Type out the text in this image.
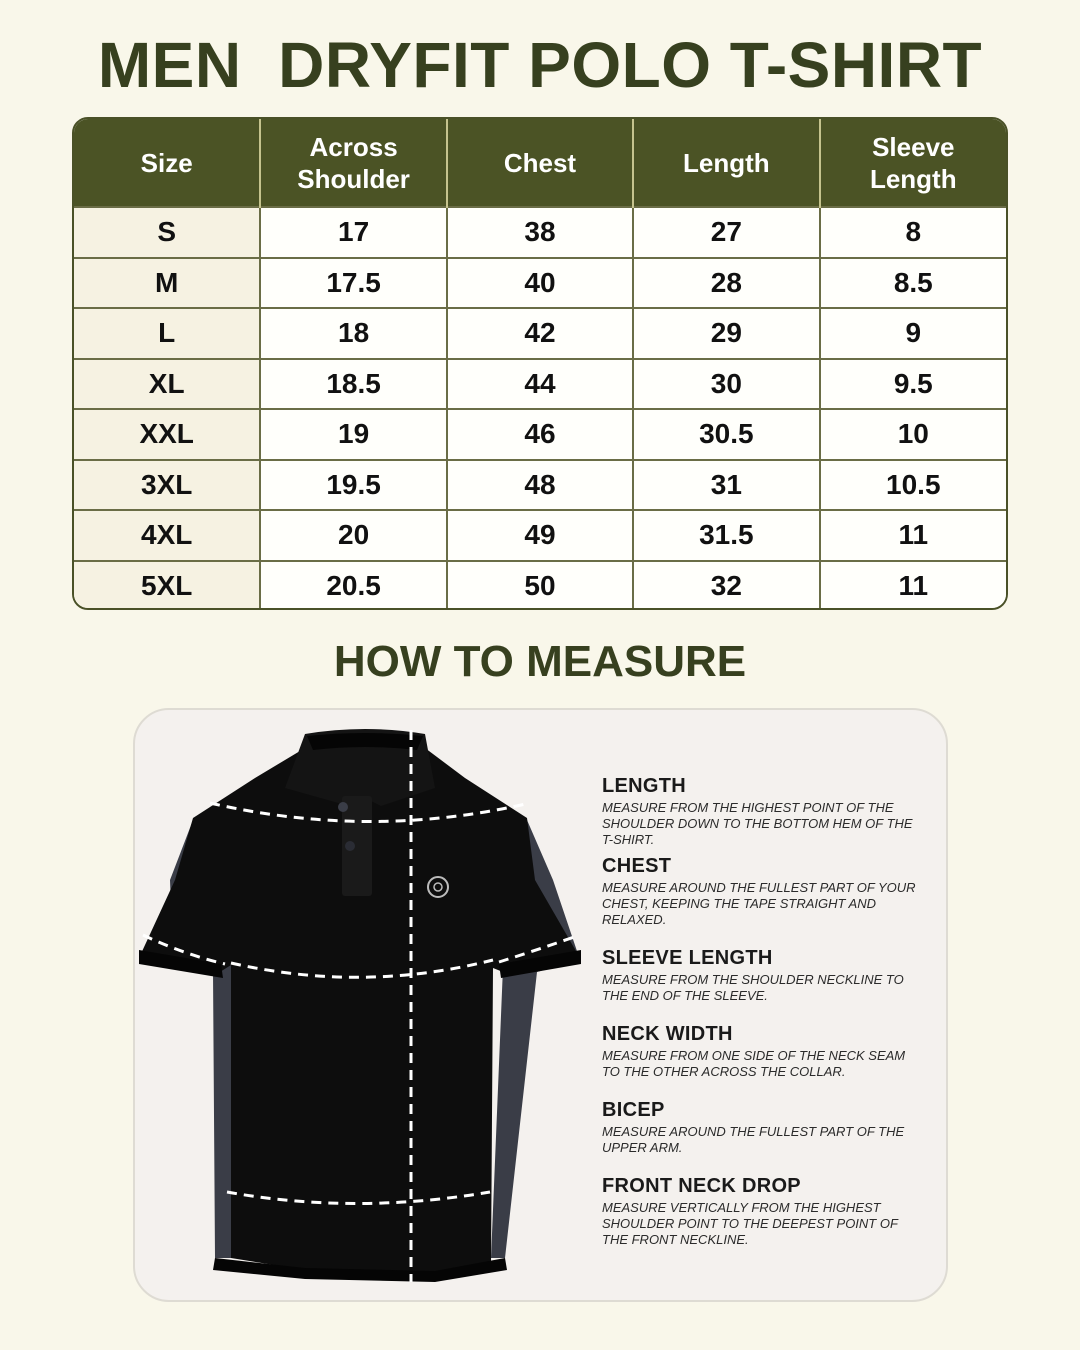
MEN  DRYFIT POLO T-SHIRT
Size	Across Shoulder	Chest	Length	Sleeve Length
S	17	38	27	8
M	17.5	40	28	8.5
L	18	42	29	9
XL	18.5	44	30	9.5
XXL	19	46	30.5	10
3XL	19.5	48	31	10.5
4XL	20	49	31.5	11
5XL	20.5	50	32	11
HOW TO MEASURE
LENGTH
MEASURE FROM THE HIGHEST POINT OF THE SHOULDER DOWN TO THE BOTTOM HEM OF THE T-SHIRT.
CHEST
MEASURE AROUND THE FULLEST PART OF YOUR CHEST, KEEPING THE TAPE STRAIGHT AND RELAXED.
SLEEVE LENGTH
MEASURE FROM THE SHOULDER NECKLINE TO THE END OF THE SLEEVE.
NECK WIDTH
MEASURE FROM ONE SIDE OF THE NECK SEAM TO THE OTHER ACROSS THE COLLAR.
BICEP
MEASURE AROUND THE FULLEST PART OF THE UPPER ARM.
FRONT NECK DROP
MEASURE VERTICALLY FROM THE HIGHEST SHOULDER POINT TO THE DEEPEST POINT OF THE FRONT NECKLINE.
